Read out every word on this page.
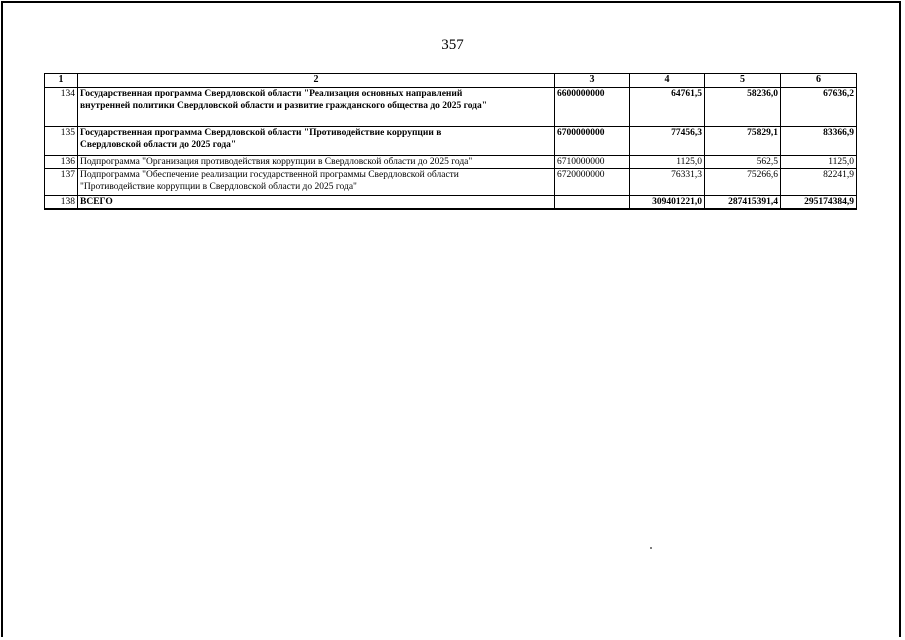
357
1	2	3	4	5	6
134	Государственная программа Свердловской области "Реализация основных направлений внутренней политики Свердловской области и развитие гражданского общества до 2025 года"	6600000000	64761,5	58236,0	67636,2
135	Государственная программа Свердловской области "Противодействие коррупции в Свердловской области до 2025 года"	6700000000	77456,3	75829,1	83366,9
136	Подпрограмма "Организация противодействия коррупции в Свердловской области до 2025 года"	6710000000	1125,0	562,5	1125,0
137	Подпрограмма "Обеспечение реализации государственной программы Свердловской области "Противодействие коррупции в Свердловской области до 2025 года"	6720000000	76331,3	75266,6	82241,9
138	ВСЕГО		309401221,0	287415391,4	295174384,9
